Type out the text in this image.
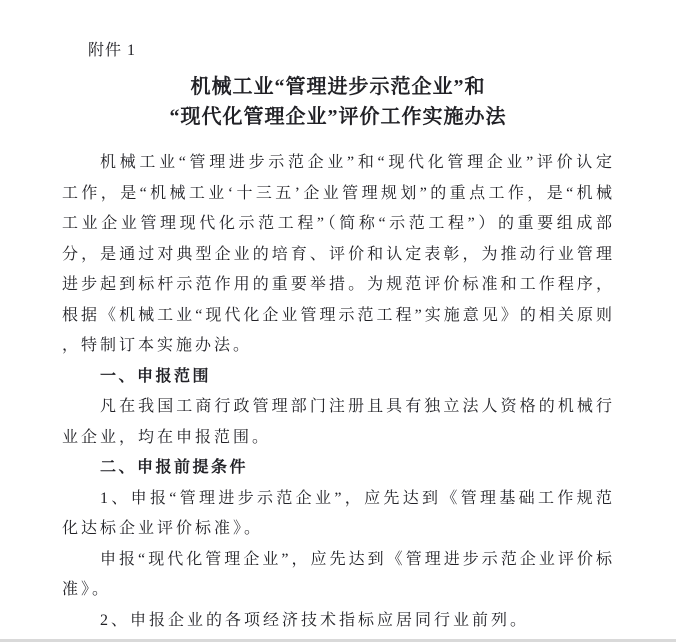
附件 1
机械工业“管理进步示范企业”和
“现代化管理企业”评价工作实施办法

机械工业“管理进步示范企业”和“现代化管理企业”评价认定工作，是“机械工业‘十三五’企业管理规划”的重点工作，是“机械工业企业管理现代化示范工程”（简称“示范工程”）的重要组成部分，是通过对典型企业的培育、评价和认定表彰，为推动行业管理进步起到标杆示范作用的重要举措。为规范评价标准和工作程序，根据《机械工业“现代化企业管理示范工程”实施意见》的相关原则，特制订本实施办法。

一、申报范围

凡在我国工商行政管理部门注册且具有独立法人资格的机械行业企业，均在申报范围。

二、申报前提条件

1、申报“管理进步示范企业”，应先达到《管理基础工作规范化达标企业评价标准》。

申报“现代化管理企业”，应先达到《管理进步示范企业评价标准》。

2、申报企业的各项经济技术指标应居同行业前列。
